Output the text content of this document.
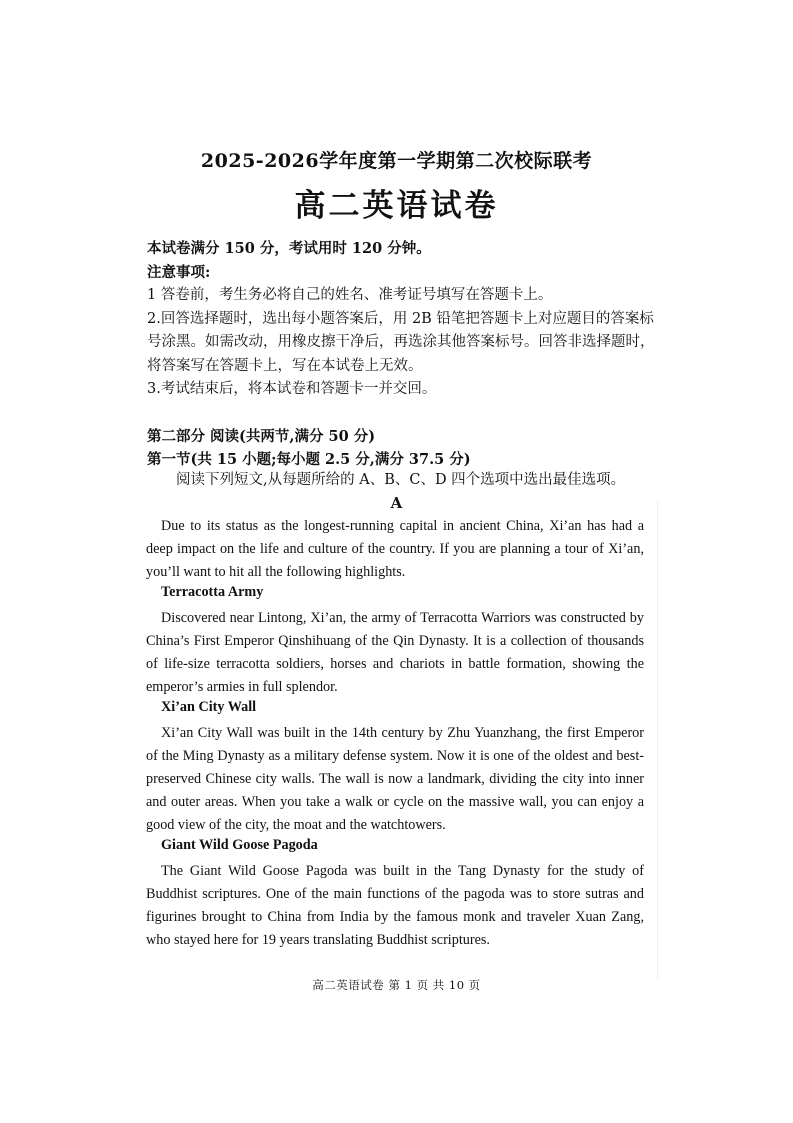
2025-2026学年度第一学期第二次校际联考
高二英语试卷
本试卷满分 150 分，考试用时 120 分钟。
注意事项:
1 答卷前，考生务必将自己的姓名、准考证号填写在答题卡上。
2.回答选择题时，选出每小题答案后，用 2B 铅笔把答题卡上对应题目的答案标
号涂黑。如需改动，用橡皮擦干净后，再选涂其他答案标号。回答非选择题时，
将答案写在答题卡上，写在本试卷上无效。
3.考试结束后，将本试卷和答题卡一并交回。
第二部分 阅读(共两节,满分 50 分)
第一节(共 15 小题;每小题 2.5 分,满分 37.5 分)
阅读下列短文,从每题所给的 A、B、C、D 四个选项中选出最佳选项。
A
Due to its status as the longest-running capital in ancient China, Xi’an has had a deep impact on the life and culture of the country. If you are planning a tour of Xi’an, you’ll want to hit all the following highlights.
Terracotta Army
Discovered near Lintong, Xi’an, the army of Terracotta Warriors was constructed by China’s First Emperor Qinshihuang of the Qin Dynasty. It is a collection of thousands of life-size terracotta soldiers, horses and chariots in battle formation, showing the emperor’s armies in full splendor.
Xi’an City Wall
Xi’an City Wall was built in the 14th century by Zhu Yuanzhang, the first Emperor of the Ming Dynasty as a military defense system. Now it is one of the oldest and best-preserved Chinese city walls. The wall is now a landmark, dividing the city into inner and outer areas. When you take a walk or cycle on the massive wall, you can enjoy a good view of the city, the moat and the watchtowers.
Giant Wild Goose Pagoda
The Giant Wild Goose Pagoda was built in the Tang Dynasty for the study of Buddhist scriptures. One of the main functions of the pagoda was to store sutras and figurines brought to China from India by the famous monk and traveler Xuan Zang, who stayed here for 19 years translating Buddhist scriptures.
高二英语试卷 第 1 页 共 10 页
